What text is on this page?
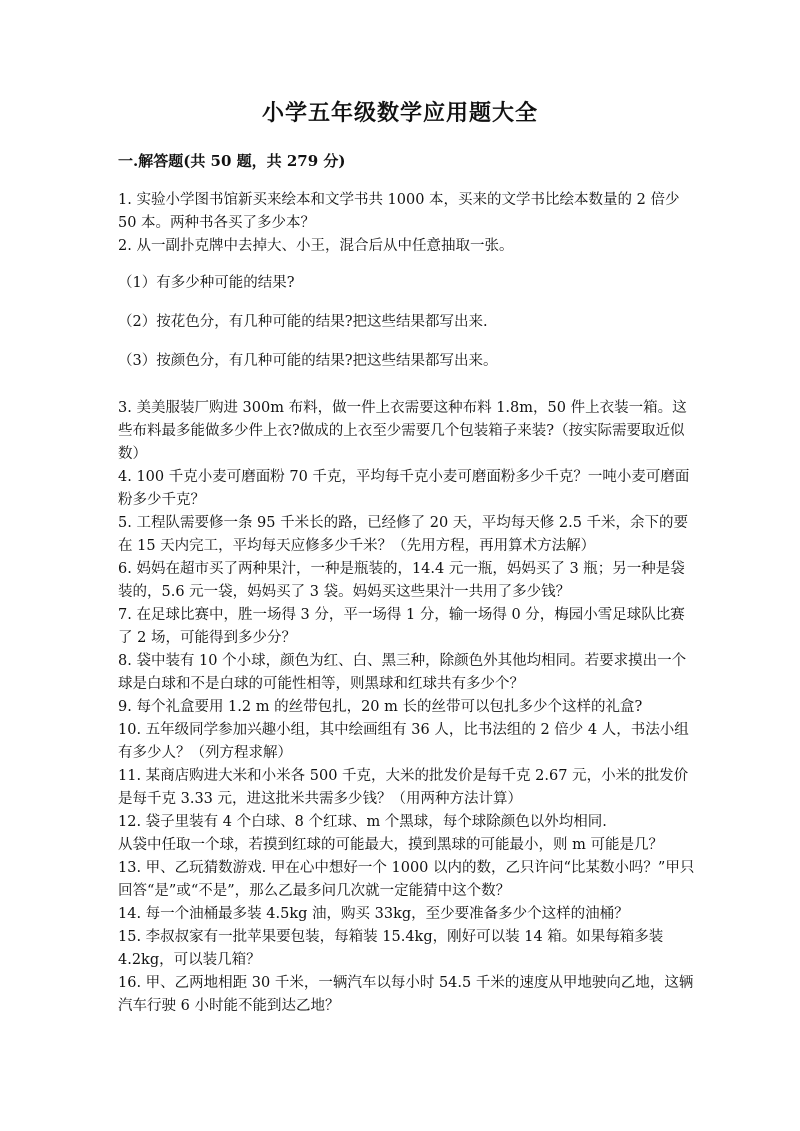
小学五年级数学应用题大全
一.解答题(共 50 题，共 279 分)

1. 实验小学图书馆新买来绘本和文学书共 1000 本，买来的文学书比绘本数量的 2 倍少 50 本。两种书各买了多少本？

2. 从一副扑克牌中去掉大、小王，混合后从中任意抽取一张。

（1）有多少种可能的结果?

（2）按花色分，有几种可能的结果?把这些结果都写出来.

（3）按颜色分，有几种可能的结果?把这些结果都写出来。

3. 美美服装厂购进 300m 布料，做一件上衣需要这种布料 1.8m，50 件上衣装一箱。这些布料最多能做多少件上衣?做成的上衣至少需要几个包装箱子来装?（按实际需要取近似数）

4. 100 千克小麦可磨面粉 70 千克，平均每千克小麦可磨面粉多少千克？一吨小麦可磨面粉多少千克？

5. 工程队需要修一条 95 千米长的路，已经修了 20 天，平均每天修 2.5 千米，余下的要在 15 天内完工，平均每天应修多少千米？（先用方程，再用算术方法解）

6. 妈妈在超市买了两种果汁，一种是瓶装的，14.4 元一瓶，妈妈买了 3 瓶；另一种是袋装的，5.6 元一袋，妈妈买了 3 袋。妈妈买这些果汁一共用了多少钱？

7. 在足球比赛中，胜一场得 3 分，平一场得 1 分，输一场得 0 分，梅园小雪足球队比赛了 2 场，可能得到多少分？

8. 袋中装有 10 个小球，颜色为红、白、黑三种，除颜色外其他均相同。若要求摸出一个球是白球和不是白球的可能性相等，则黑球和红球共有多少个？

9. 每个礼盒要用 1.2 m 的丝带包扎，20 m 长的丝带可以包扎多少个这样的礼盒?

10. 五年级同学参加兴趣小组，其中绘画组有 36 人，比书法组的 2 倍少 4 人，书法小组有多少人？（列方程求解）

11. 某商店购进大米和小米各 500 千克，大米的批发价是每千克 2.67 元，小米的批发价是每千克 3.33 元，进这批米共需多少钱？（用两种方法计算）

12. 袋子里装有 4 个白球、8 个红球、m 个黑球，每个球除颜色以外均相同.

从袋中任取一个球，若摸到红球的可能最大，摸到黑球的可能最小，则 m 可能是几？

13. 甲、乙玩猜数游戏. 甲在心中想好一个 1000 以内的数，乙只许问“比某数小吗？”甲只回答“是”或“不是”，那么乙最多问几次就一定能猜中这个数？

14. 每一个油桶最多装 4.5kg 油，购买 33kg，至少要准备多少个这样的油桶？

15. 李叔叔家有一批苹果要包装，每箱装 15.4kg，刚好可以装 14 箱。如果每箱多装 4.2kg，可以装几箱？

16. 甲、乙两地相距 30 千米，一辆汽车以每小时 54.5 千米的速度从甲地驶向乙地，这辆汽车行驶 6 小时能不能到达乙地？
